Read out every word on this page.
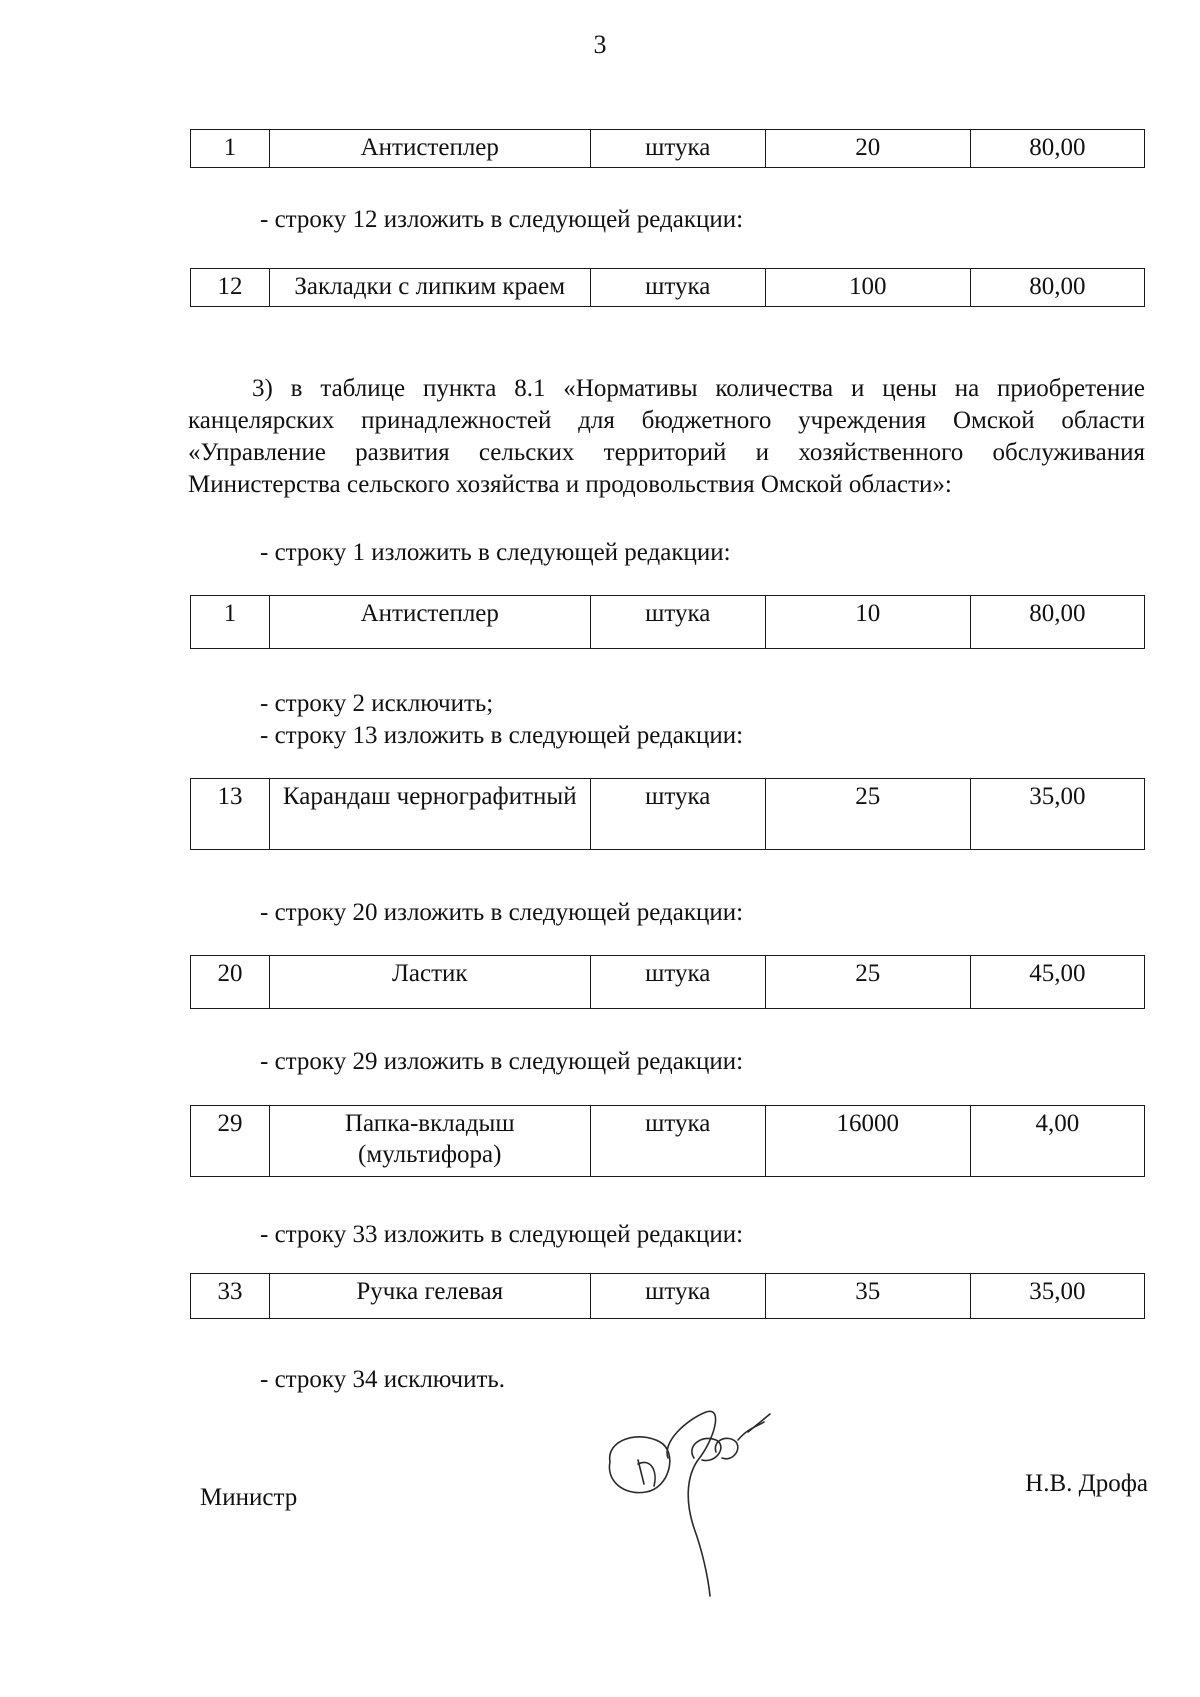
3
1	Антистеплер	штука	20	80,00
- строку 12 изложить в следующей редакции:
12	Закладки с липким краем	штука	100	80,00
3) в таблице пункта 8.1 «Нормативы количества и цены на приобретение канцелярских принадлежностей для бюджетного учреждения Омской области «Управление развития сельских территорий и хозяйственного обслуживания Министерства сельского хозяйства и продовольствия Омской области»:
- строку 1 изложить в следующей редакции:
1	Антистеплер	штука	10	80,00
- строку 2 исключить;
- строку 13 изложить в следующей редакции:
13	Карандаш чернографитный	штука	25	35,00
- строку 20 изложить в следующей редакции:
20	Ластик	штука	25	45,00
- строку 29 изложить в следующей редакции:
29	Папка-вкладыш (мультифора)	штука	16000	4,00
- строку 33 изложить в следующей редакции:
33	Ручка гелевая	штука	35	35,00
- строку 34 исключить.
Министр
Н.В. Дрофа
